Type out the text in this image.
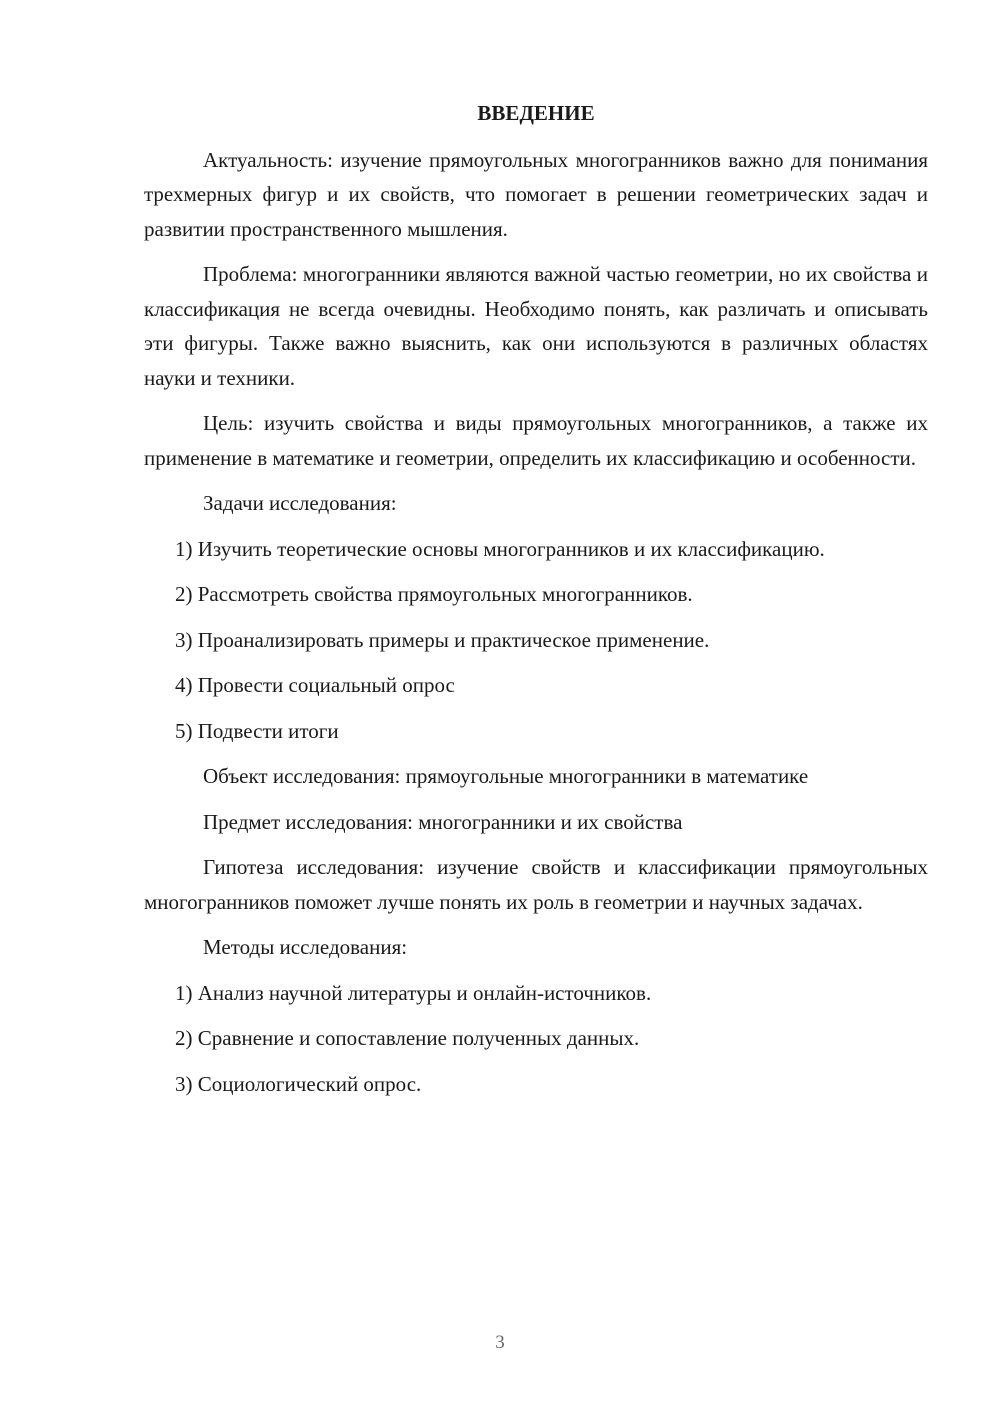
ВВЕДЕНИЕ

Актуальность: изучение прямоугольных многогранников важно для понимания трехмерных фигур и их свойств, что помогает в решении геометрических задач и развитии пространственного мышления.

Проблема: многогранники являются важной частью геометрии, но их свойства и классификация не всегда очевидны. Необходимо понять, как различать и описывать эти фигуры. Также важно выяснить, как они используются в различных областях науки и техники.

Цель: изучить свойства и виды прямоугольных многогранников, а также их применение в математике и геометрии, определить их классификацию и особенности.

Задачи исследования:

1) Изучить теоретические основы многогранников и их классификацию.

2) Рассмотреть свойства прямоугольных многогранников.
3) Проанализировать примеры и практическое применение.
4) Провести социальный опрос
5) Подвести итоги
Объект исследования: прямоугольные многогранники в математике
Предмет исследования: многогранники и их свойства

Гипотеза исследования: изучение свойств и классификации прямоугольных многогранников поможет лучше понять их роль в геометрии и научных задачах.

Методы исследования:
1) Анализ научной литературы и онлайн-источников.
2) Сравнение и сопоставление полученных данных.
3) Социологический опрос.
3
